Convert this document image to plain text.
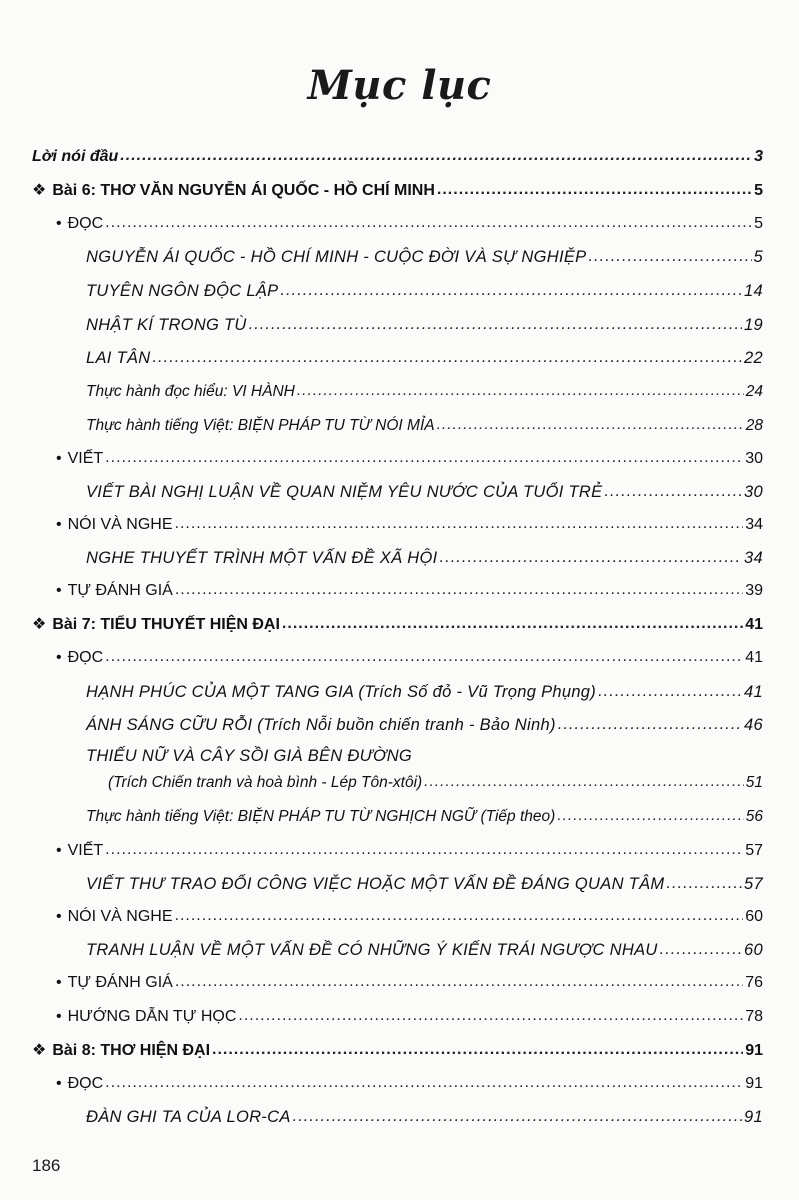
Mục lục
Lời nói đầu .....	3
❖ Bài 6: THƠ VĂN NGUYỄN ÁI QUỐC - HỒ CHÍ MINH .....	5
• ĐỌC .....	5
NGUYỄN ÁI QUỐC - HỒ CHÍ MINH - CUỘC ĐỜI VÀ SỰ NGHIỆP .....	5
TUYÊN NGÔN ĐỘC LẬP .....	14
NHẬT KÍ TRONG TÙ .....	19
LAI TÂN .....	22
Thực hành đọc hiểu: VI HÀNH .....	24
Thực hành tiếng Việt: BIỆN PHÁP TU TỪ NÓI MỈA .....	28
• VIẾT .....	30
VIẾT BÀI NGHỊ LUẬN VỀ QUAN NIỆM YÊU NƯỚC CỦA TUỔI TRẺ .....	30
• NÓI VÀ NGHE .....	34
NGHE THUYẾT TRÌNH MỘT VẤN ĐỀ XÃ HỘI .....	34
• TỰ ĐÁNH GIÁ .....	39
❖ Bài 7: TIỂU THUYẾT HIỆN ĐẠI .....	41
• ĐỌC .....	41
HẠNH PHÚC CỦA MỘT TANG GIA (Trích Số đỏ - Vũ Trọng Phụng) .....	41
ÁNH SÁNG CỮU RỖI (Trích Nỗi buồn chiến tranh - Bảo Ninh) .....	46
THIẾU NỮ VÀ CÂY SỒI GIÀ BÊN ĐƯỜNG
(Trích Chiến tranh và hoà bình - Lép Tôn-xtôi) .....	51
Thực hành tiếng Việt: BIỆN PHÁP TU TỪ NGHỊCH NGỮ (Tiếp theo) .....	56
• VIẾT .....	57
VIẾT THƯ TRAO ĐỔI CÔNG VIỆC HOẶC MỘT VẤN ĐỀ ĐÁNG QUAN TÂM .....	57
• NÓI VÀ NGHE .....	60
TRANH LUẬN VỀ MỘT VẤN ĐỀ CÓ NHỮNG Ý KIẾN TRÁI NGƯỢC NHAU .....	60
• TỰ ĐÁNH GIÁ .....	76
• HƯỚNG DẪN TỰ HỌC .....	78
❖ Bài 8: THƠ HIỆN ĐẠI .....	91
• ĐỌC .....	91
ĐÀN GHI TA CỦA LOR-CA .....	91
186
